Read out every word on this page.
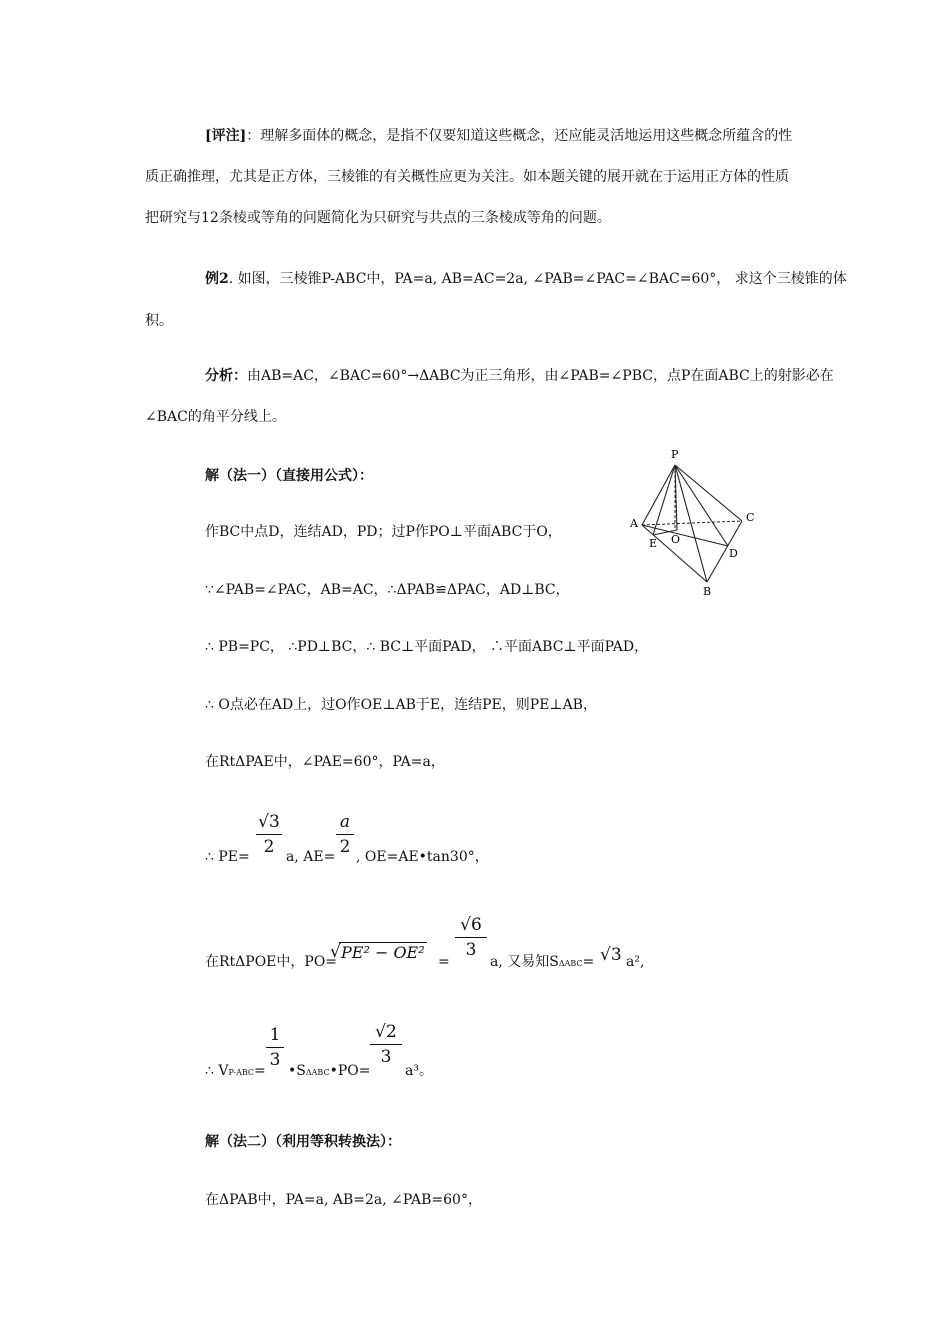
[评注]：理解多面体的概念，是指不仅要知道这些概念，还应能灵活地运用这些概念所蕴含的性
质正确推理，尤其是正方体，三棱锥的有关概性应更为关注。如本题关键的展开就在于运用正方体的性质
把研究与12条棱或等角的问题简化为只研究与共点的三条棱成等角的问题。
例2. 如图，三棱锥P-ABC中，PA=a, AB=AC=2a, ∠PAB=∠PAC=∠BAC=60°， 求这个三棱锥的体
积。
分析：由AB=AC，∠BAC=60°→ΔABC为正三角形，由∠PAB=∠PBC，点P在面ABC上的射影必在
∠BAC的角平分线上。
解（法一）（直接用公式）：
作BC中点D，连结AD，PD；过P作PO⊥平面ABC于O，
∵∠PAB=∠PAC，AB=AC，∴ΔPAB≌ΔPAC，AD⊥BC，
∴ PB=PC， ∴PD⊥BC，∴ BC⊥平面PAD， ∴平面ABC⊥平面PAD，
∴ O点必在AD上，过O作OE⊥AB于E，连结PE，则PE⊥AB，
在RtΔPAE中，∠PAE=60°，PA=a，
∴ PE=
√3
2 a, AE=
a
2 , OE=AE•tan30°，
在RtΔPOE中，PO=
√ PE² − OE² =
√6
3
a, 又易知SΔABC= √3 a²,
∴ VP-ABC=
1
3
•SΔABC•PO=
√2
3
a³。
解（法二）（利用等积转换法）：
在ΔPAB中，PA=a, AB=2a, ∠PAB=60°，
P
A	C
E O
D
B
